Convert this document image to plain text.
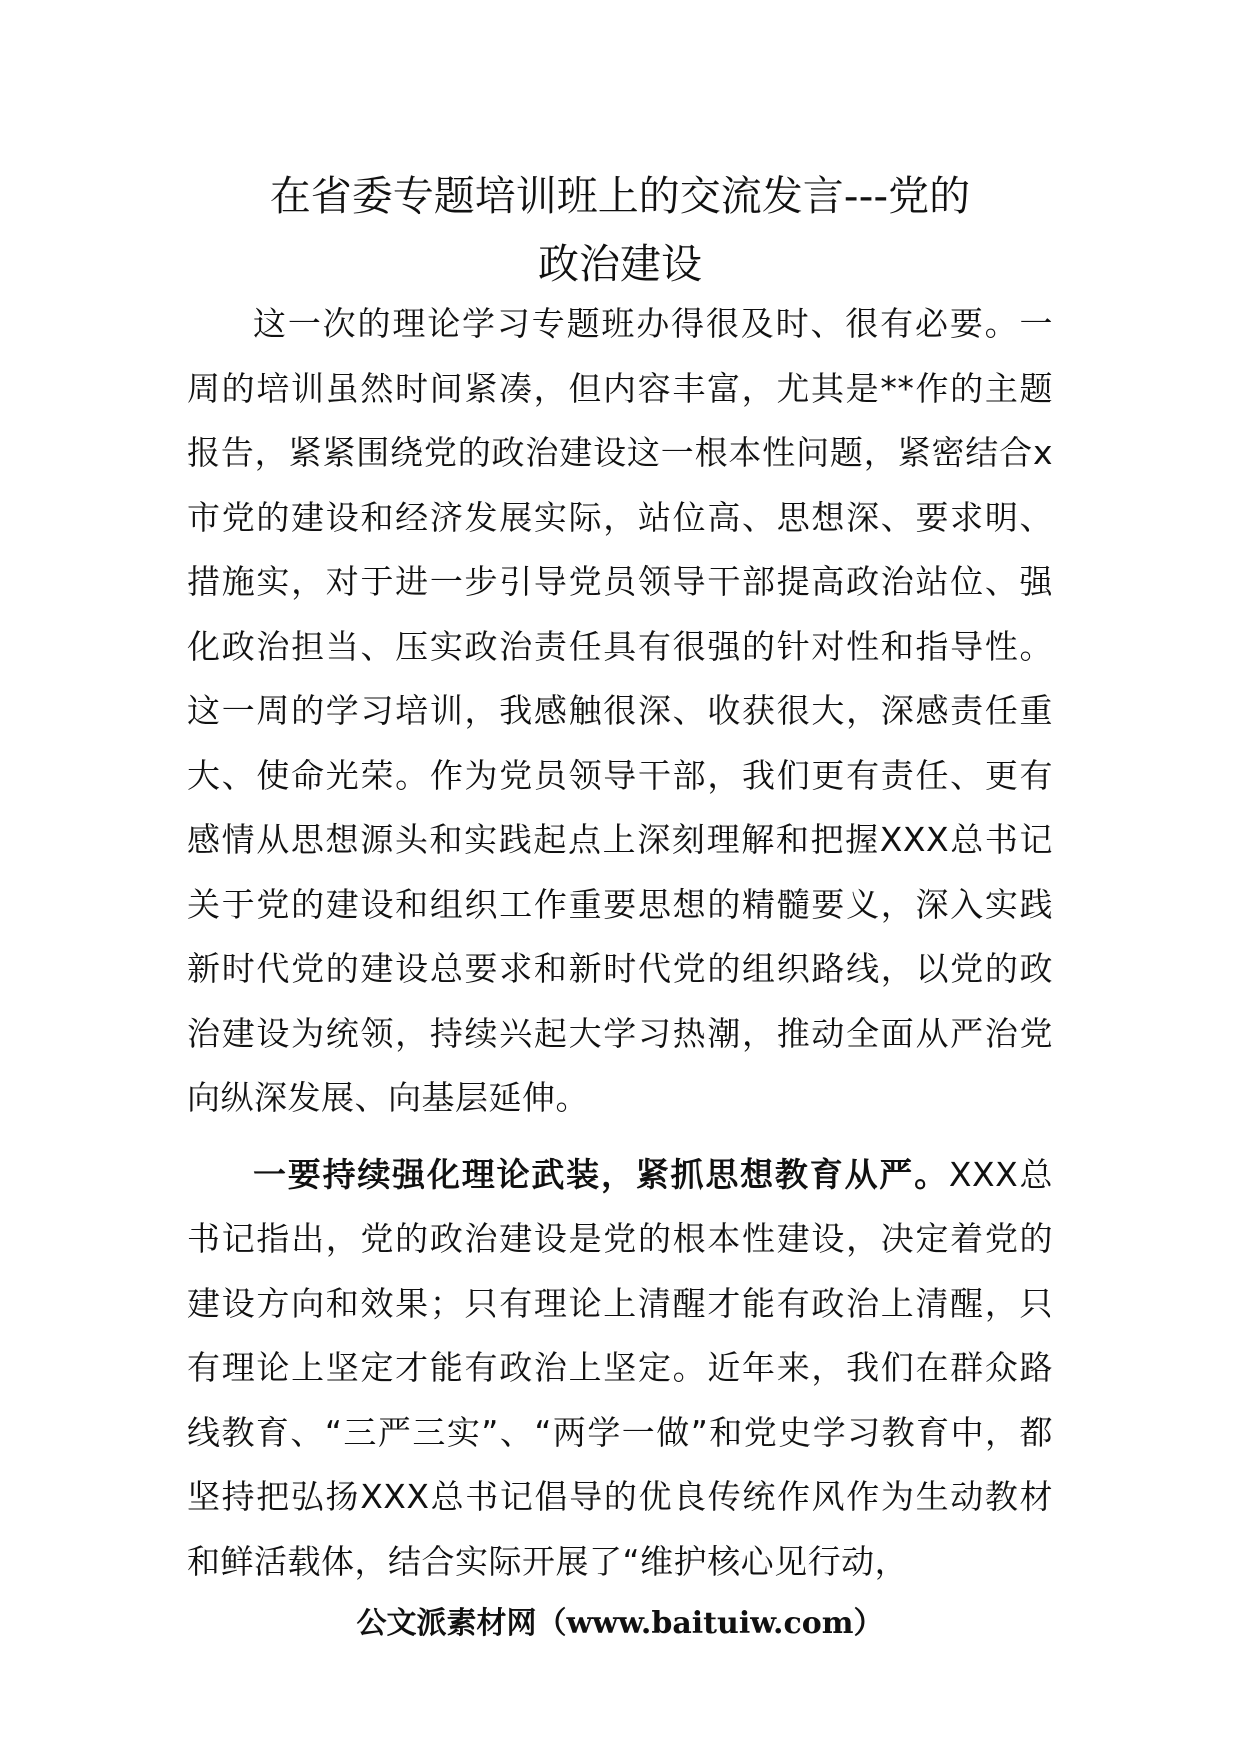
在省委专题培训班上的交流发言---党的
政治建设

这一次的理论学习专题班办得很及时、很有必要。一周的培训虽然时间紧凑，但内容丰富，尤其是**作的主题报告，紧紧围绕党的政治建设这一根本性问题，紧密结合x市党的建设和经济发展实际，站位高、思想深、要求明、措施实，对于进一步引导党员领导干部提高政治站位、强化政治担当、压实政治责任具有很强的针对性和指导性。这一周的学习培训，我感触很深、收获很大，深感责任重大、使命光荣。作为党员领导干部，我们更有责任、更有感情从思想源头和实践起点上深刻理解和把握XXX总书记关于党的建设和组织工作重要思想的精髓要义，深入实践新时代党的建设总要求和新时代党的组织路线，以党的政治建设为统领，持续兴起大学习热潮，推动全面从严治党向纵深发展、向基层延伸。

一要持续强化理论武装，紧抓思想教育从严。XXX总书记指出，党的政治建设是党的根本性建设，决定着党的建设方向和效果；只有理论上清醒才能有政治上清醒，只有理论上坚定才能有政治上坚定。近年来，我们在群众路线教育、“三严三实”、“两学一做”和党史学习教育中，都坚持把弘扬XXX总书记倡导的优良传统作风作为生动教材和鲜活载体，结合实际开展了“维护核心见行动，

公文派素材网（www.baituiw.com）
